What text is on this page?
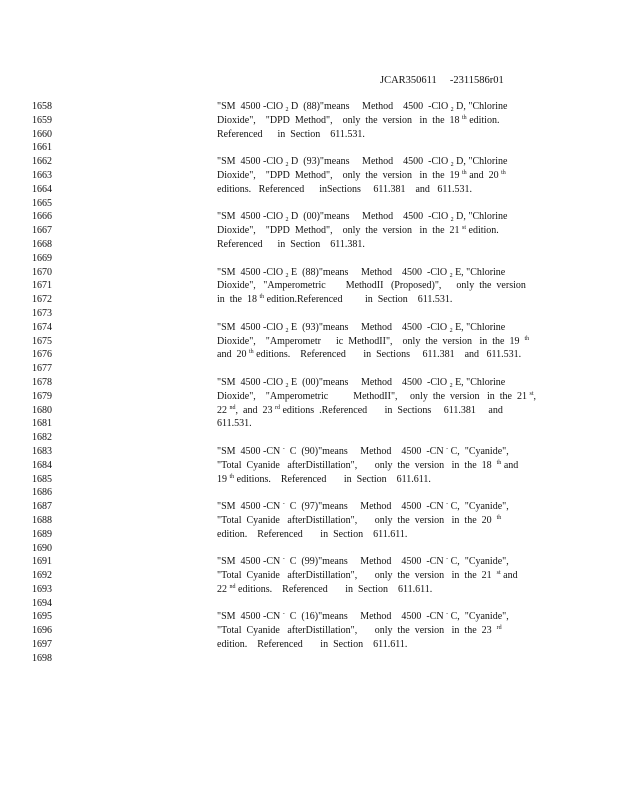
JCAR350611     -2311586r01
1658
1659
1660
1661
1662
1663
1664
1665
1666
1667
1668
1669
1670
1671
1672
1673
1674
1675
1676
1677
1678
1679
1680
1681
1682
1683
1684
1685
1686
1687
1688
1689
1690
1691
1692
1693
1694
1695
1696
1697
1698
"SM  4500 -ClO $_2$ D  (88)"means     Method    4500  -ClO $_2$ D, "Chlorine
Dioxide",    "DPD  Method",    only  the  version   in  the  18 $^{th}$ edition.
Referenced      in  Section    611.531.
"SM  4500 -ClO $_2$ D  (93)"means     Method    4500  -ClO $_2$ D, "Chlorine
Dioxide",    "DPD  Method",    only  the  version   in  the  19 $^{th}$ and  20 $^{th}$
editions.   Referenced      inSections     611.381    and   611.531.
"SM  4500 -ClO $_2$ D  (00)"means     Method    4500  -ClO $_2$ D, "Chlorine
Dioxide",    "DPD  Method",    only  the  version   in  the  21 $^{st}$ edition.
Referenced      in  Section    611.381.
"SM  4500 -ClO $_2$ E  (88)"means     Method    4500  -ClO $_2$ E, "Chlorine
Dioxide",   "Amperometric        MethodII   (Proposed)",      only  the  version
in  the  18 $^{th}$ edition.Referenced         in  Section    611.531.
"SM  4500 -ClO $_2$ E  (93)"means     Method    4500  -ClO $_2$ E, "Chlorine
Dioxide",    "Amperometr      ic  MethodII",    only  the  version   in  the  19  $^{th}$
and  20 $^{th}$ editions.    Referenced       in  Sections     611.381    and   611.531.
"SM  4500 -ClO $_2$ E  (00)"means     Method    4500  -ClO $_2$ E, "Chlorine
Dioxide",    "Amperometric          MethodII",     only  the  version   in  the  21 $^{st}$,
22 $^{nd}$,  and  23 $^{rd}$ editions  .Referenced       in  Sections     611.381     and
611.531.
"SM  4500 -CN -  C  (90)"means     Method    4500  -CN - C,  "Cyanide",
"Total  Cyanide   afterDistillation",       only  the  version   in  the  18  $^{th}$ and
19 $^{th}$ editions.    Referenced       in  Section    611.611.
"SM  4500 -CN -  C  (97)"means     Method    4500  -CN - C,  "Cyanide",
"Total  Cyanide   afterDistillation",       only  the  version   in  the  20  $^{th}$
edition.    Referenced       in  Section    611.611.
"SM  4500 -CN -  C  (99)"means     Method    4500  -CN - C,  "Cyanide",
"Total  Cyanide   afterDistillation",       only  the  version   in  the  21  $^{st}$ and
22 $^{nd}$ editions.    Referenced       in  Section    611.611.
"SM  4500 -CN -  C  (16)"means     Method    4500  -CN - C,  "Cyanide",
"Total  Cyanide   afterDistillation",       only  the  version   in  the  23  $^{rd}$
edition.    Referenced       in  Section    611.611.
